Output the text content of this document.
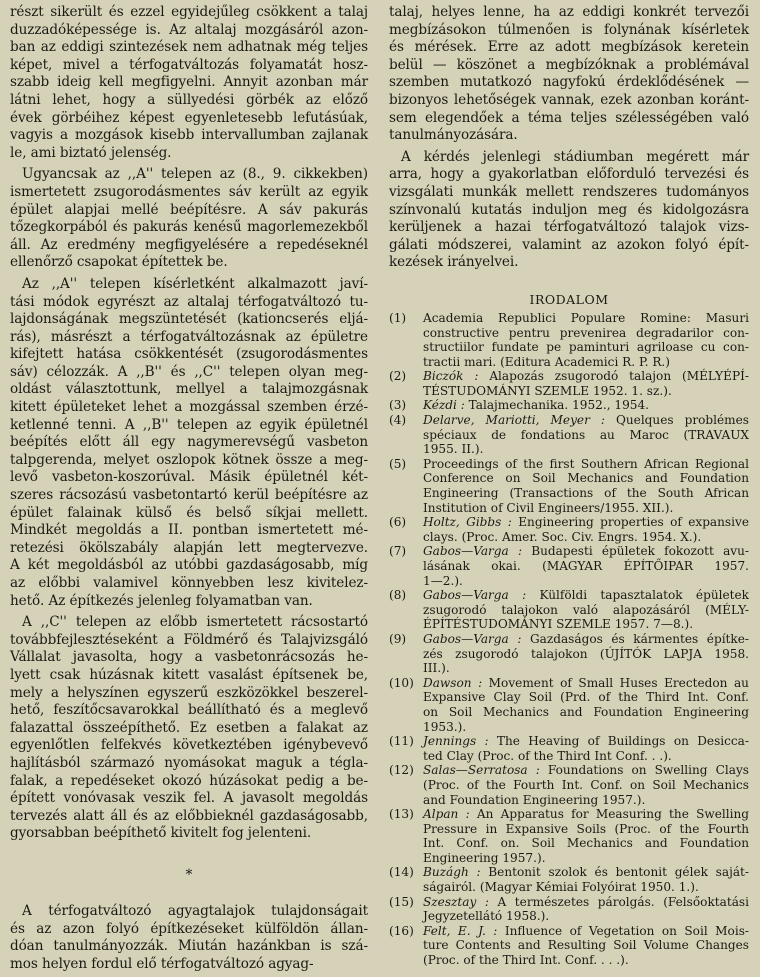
részt sikerült és ezzel egyidejűleg csökkent a talaj
duzzadóképessége is. Az altalaj mozgásáról azon-
ban az eddigi szintezések nem adhatnak még teljes
képet, mivel a térfogatváltozás folyamatát hosz-
szabb ideig kell megfigyelni. Annyit azonban már
látni lehet, hogy a süllyedési görbék az előző
évek görbéihez képest egyenletesebb lefutásúak,
vagyis a mozgások kisebb intervallumban zajlanak
le, ami biztató jelenség.
Ugyancsak az ,,A'' telepen az (8., 9. cikkekben)
ismertetett zsugorodásmentes sáv került az egyik
épület alapjai mellé beépítésre. A sáv pakurás
tőzegkorpából és pakurás kenésű magorlemezekből
áll. Az eredmény megfigyelésére a repedéseknél
ellenőrző csapokat építettek be.
Az ,,A'' telepen kísérletként alkalmazott javí-
tási módok egyrészt az altalaj térfogatváltozó tu-
lajdonságának megszüntetését (kationcserés eljá-
rás), másrészt a térfogatváltozásnak az épületre
kifejtett hatása csökkentését (zsugorodásmentes
sáv) célozzák. A ,,B'' és ,,C'' telepen olyan meg-
oldást választottunk, mellyel a talajmozgásnak
kitett épületeket lehet a mozgással szemben érzé-
ketlenné tenni. A ,,B'' telepen az egyik épületnél
beépítés előtt áll egy nagymerevségű vasbeton
talpgerenda, melyet oszlopok kötnek össze a meg-
levő vasbeton-koszorúval. Másik épületnél két-
szeres rácsozású vasbetontartó kerül beépítésre az
épület falainak külső és belső síkjai mellett.
Mindkét megoldás a II. pontban ismertetett mé-
retezési ökölszabály alapján lett megtervezve.
A két megoldásból az utóbbi gazdaságosabb, míg
az előbbi valamivel könnyebben lesz kivitelez-
hető. Az építkezés jelenleg folyamatban van.
A ,,C'' telepen az előbb ismertetett rácsostartó
továbbfejlesztéseként a Földmérő és Talajvizsgáló
Vállalat javasolta, hogy a vasbetonrácsozás he-
lyett csak húzásnak kitett vasalást építsenek be,
mely a helyszínen egyszerű eszközökkel beszerel-
hető, feszítőcsavarokkal beállítható és a meglevő
falazattal összeépíthető. Ez esetben a falakat az
egyenlőtlen felfekvés következtében igénybevevő
hajlításból származó nyomásokat maguk a tégla-
falak, a repedéseket okozó húzásokat pedig a be-
épített vonóvasak veszik fel. A javasolt megoldás
tervezés alatt áll és az előbbieknél gazdaságosabb,
gyorsabban beépíthető kivitelt fog jelenteni.
*
A térfogatváltozó agyagtalajok tulajdonságait
és az azon folyó építkezéseket külföldön állan-
dóan tanulmányozzák. Miután hazánkban is szá-
mos helyen fordul elő térfogatváltozó agyag-
talaj, helyes lenne, ha az eddigi konkrét tervezői
megbízásokon túlmenően is folynának kísérletek
és mérések. Erre az adott megbízások keretein
belül — köszönet a megbízóknak a problémával
szemben mutatkozó nagyfokú érdeklődésének —
bizonyos lehetőségek vannak, ezek azonban koránt-
sem elegendőek a téma teljes szélességében való
tanulmányozására.
A kérdés jelenlegi stádiumban megérett már
arra, hogy a gyakorlatban előforduló tervezési és
vizsgálati munkák mellett rendszeres tudományos
színvonalú kutatás induljon meg és kidolgozásra
kerüljenek a hazai térfogatváltozó talajok vizs-
gálati módszerei, valamint az azokon folyó épít-
kezések irányelvei.
IRODALOM
(1) Academia Republici Populare Romine: Masuri
constructive pentru prevenirea degradarilor con-
structiilor fundate pe paminturi agriloase cu con-
tractii mari. (Editura Academici R. P. R.)
(2) Biczók : Alapozás zsugorodó talajon (MÉLYÉPÍ-
TÉSTUDOMÁNYI SZEMLE 1952. 1. sz.).
(3) Kézdi : Talajmechanika. 1952., 1954.
(4) Delarve, Mariotti, Meyer : Quelques problémes
spéciaux de fondations au Maroc (TRAVAUX
1955. II.).
(5) Proceedings of the first Southern African Regional
Conference on Soil Mechanics and Foundation
Engineering (Transactions of the South African
Institution of Civil Engineers/1955. XII.).
(6) Holtz, Gibbs : Engineering properties of expansive
clays. (Proc. Amer. Soc. Civ. Engrs. 1954. X.).
(7) Gabos—Varga : Budapesti épületek fokozott avu-
lásának okai. (MAGYAR ÉPÍTŐIPAR 1957.
1—2.).
(8) Gabos—Varga : Külföldi tapasztalatok épületek
zsugorodó talajokon való alapozásáról (MÉLY-
ÉPÍTÉSTUDOMÁNYI SZEMLE 1957. 7—8.).
(9) Gabos—Varga : Gazdaságos és kármentes építke-
zés zsugorodó talajokon (ÚJÍTÓK LAPJA 1958.
III.).
(10) Dawson : Movement of Small Huses Erectedon au
Expansive Clay Soil (Prd. of the Third Int. Conf.
on Soil Mechanics and Foundation Engineering
1953.).
(11) Jennings : The Heaving of Buildings on Desicca-
ted Clay (Proc. of the Third Int Conf. . .).
(12) Salas—Serratosa : Foundations on Swelling Clays
(Proc. of the Fourth Int. Conf. on Soil Mechanics
and Foundation Engineering 1957.).
(13) Alpan : An Apparatus for Measuring the Swelling
Pressure in Expansive Soils (Proc. of the Fourth
Int. Conf. on. Soil Mechanics and Foundation
Engineering 1957.).
(14) Buzágh : Bentonit szolok és bentonit gélek saját-
ságairól. (Magyar Kémiai Folyóirat 1950. 1.).
(15) Szesztay : A természetes párolgás. (Felsőoktatási
Jegyzetellátó 1958.).
(16) Felt, E. J. : Influence of Vegetation on Soil Mois-
ture Contents and Resulting Soil Volume Changes
(Proc. of the Third Int. Conf. . . .).
